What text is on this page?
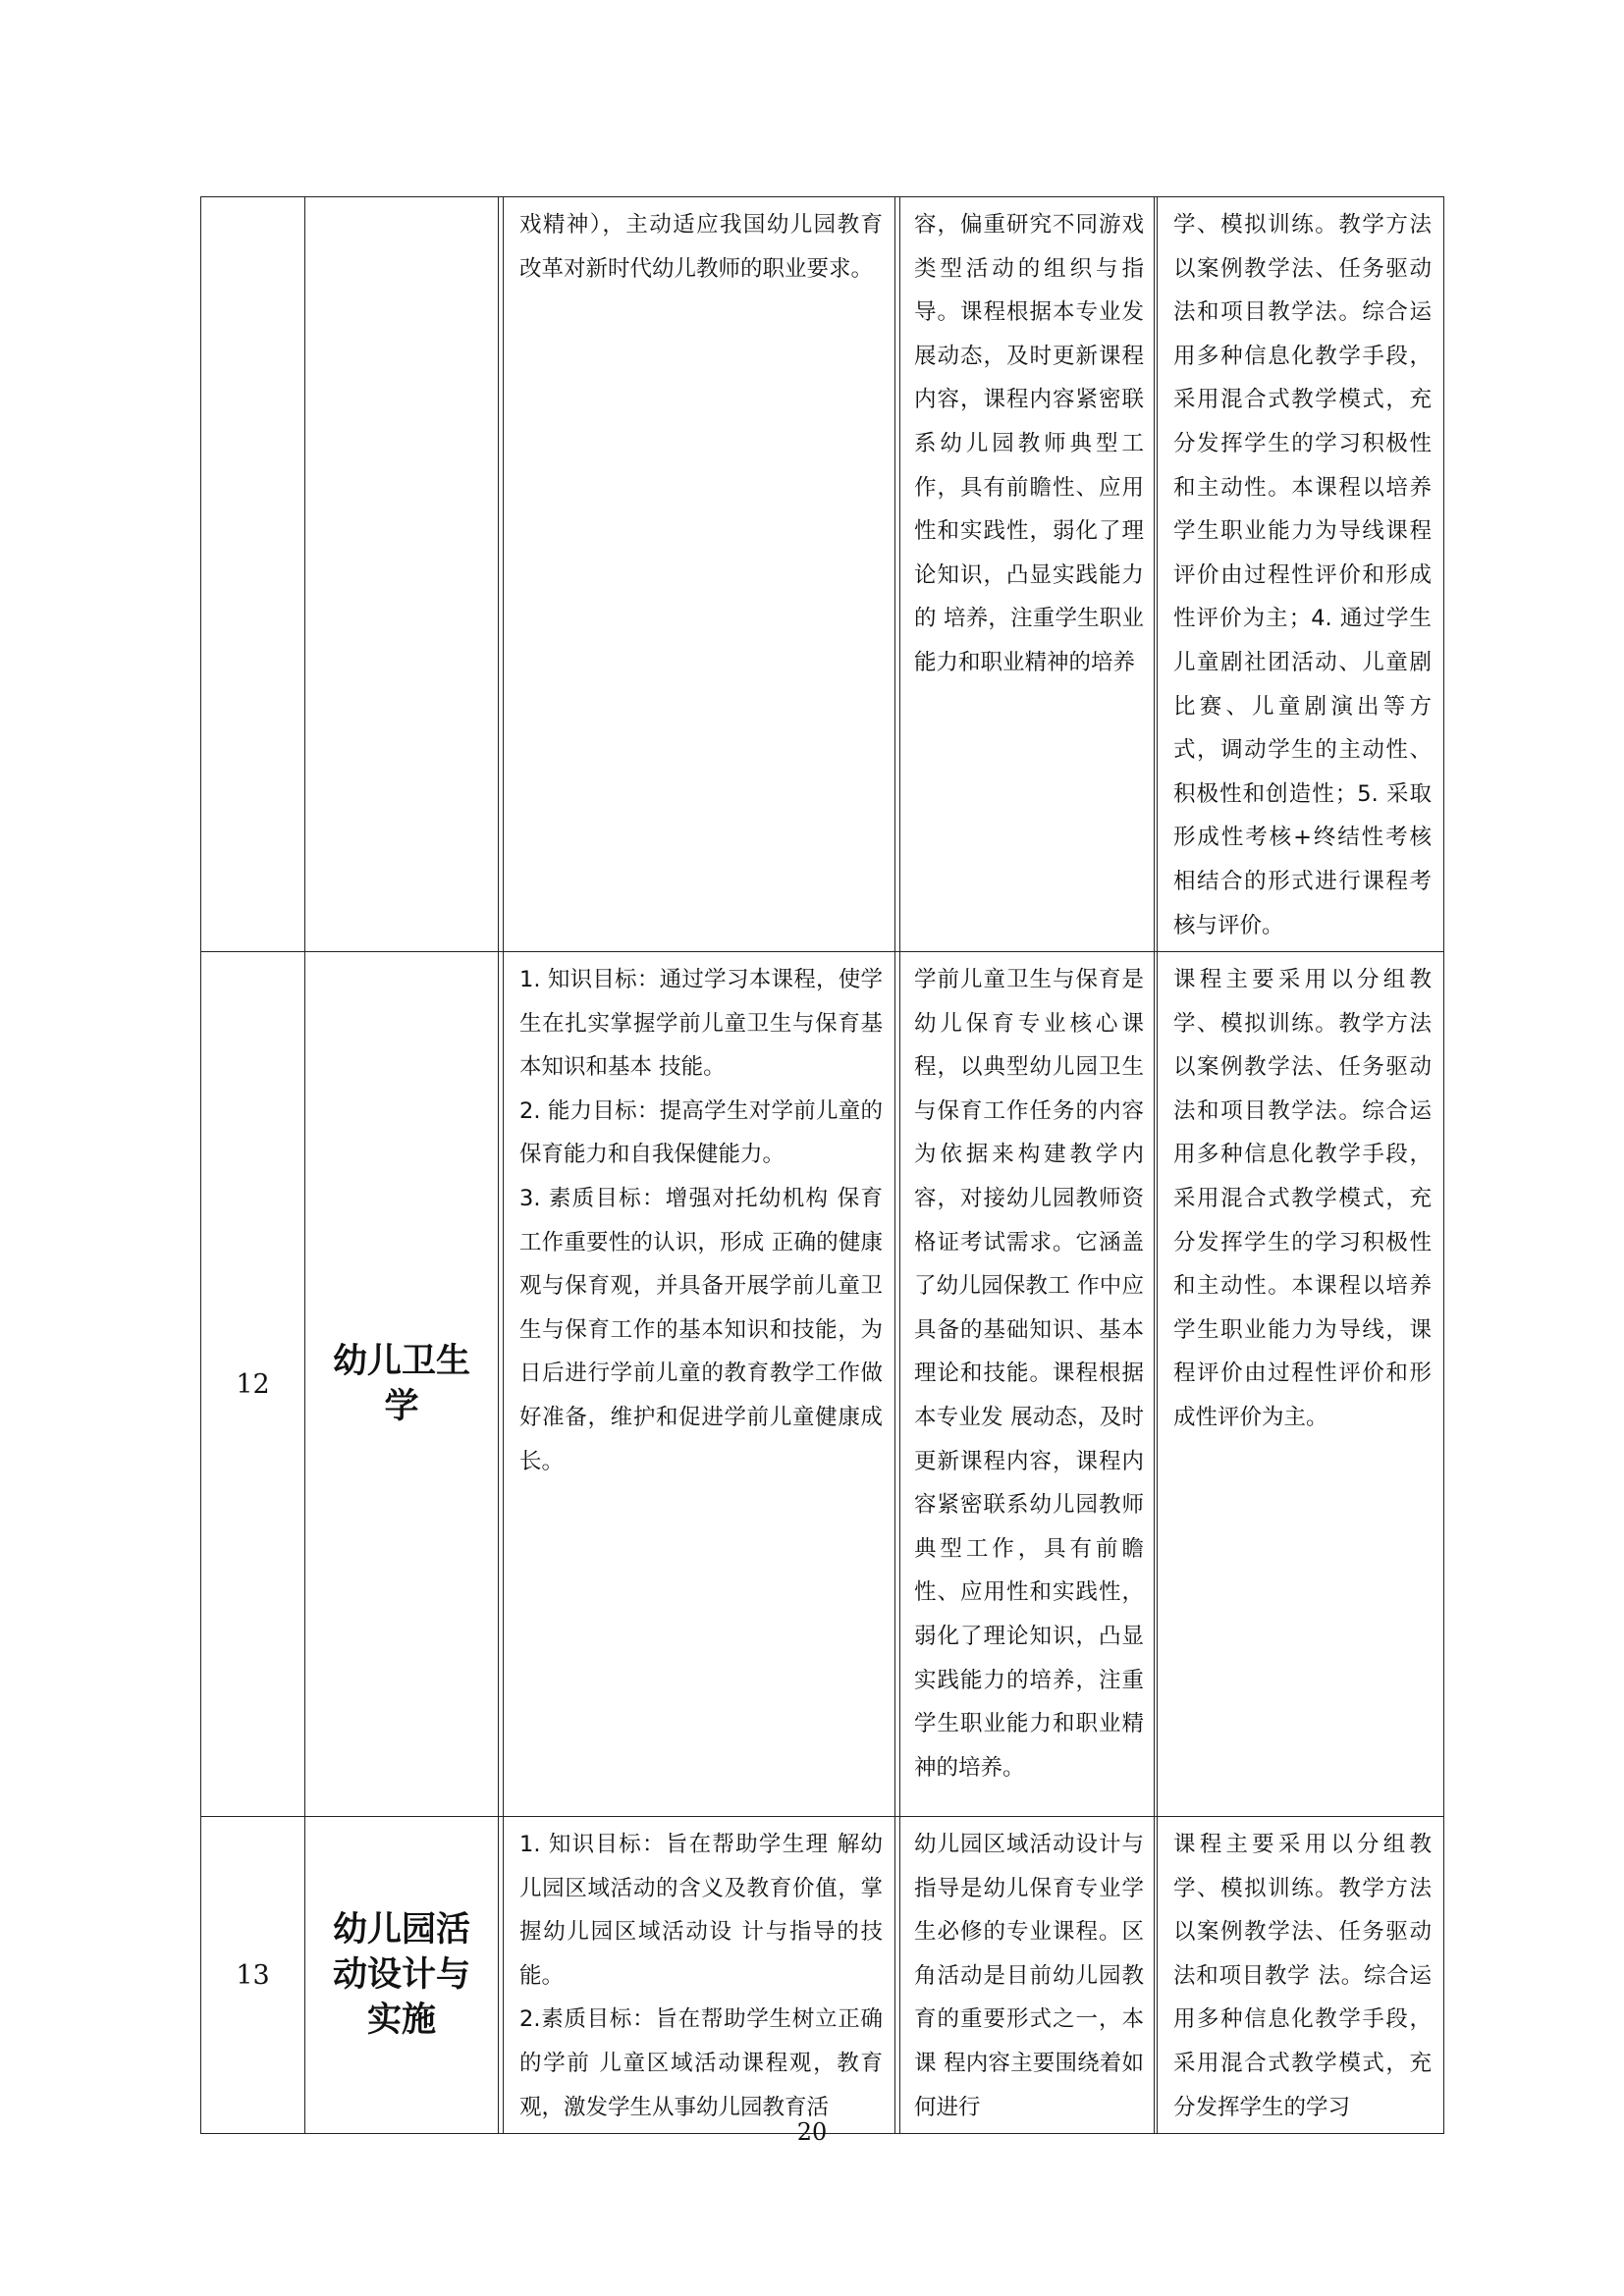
			戏精神），主动适应我国幼儿园教育改革对新时代幼儿教师的职业要求。		容，偏重研究不同游戏类型活动的组织与指导。课程根据本专业发展动态，及时更新课程内容，课程内容紧密联系幼儿园教师典型工 作，具有前瞻性、应用性和实践性，弱化了理论知识，凸显实践能力的 培养，注重学生职业能力和职业精神的培养		学、模拟训练。教学方法以案例教学法、任务驱动法和项目教学法。综合运用多种信息化教学手段，采用混合式教学模式，充分发挥学生的学习积极性和主动性。本课程以培养学生职业能力为导线课程评价由过程性评价和形成性评价为主；4. 通过学生儿童剧社团活动、儿童剧比赛、儿童剧演出等方式，调动学生的主动性、积极性和创造性；5. 采取形成性考核+终结性考核相结合的形式进行课程考核与评价。

12	幼儿卫生学		1. 知识目标：通过学习本课程，使学生在扎实掌握学前儿童卫生与保育基本知识和基本 技能。
2. 能力目标：提高学生对学前儿童的保育能力和自我保健能力。
3. 素质目标：增强对托幼机构 保育工作重要性的认识，形成 正确的健康观与保育观，并具备开展学前儿童卫生与保育工作的基本知识和技能，为日后进行学前儿童的教育教学工作做好准备，维护和促进学前儿童健康成长。		学前儿童卫生与保育是幼儿保育专业核心课程，以典型幼儿园卫生与保育工作任务的内容为依据来构建教学内容，对接幼儿园教师资格证考试需求。它涵盖了幼儿园保教工 作中应具备的基础知识、基本理论和技能。课程根据本专业发 展动态，及时更新课程内容，课程内容紧密联系幼儿园教师典型工作，具有前瞻性、应用性和实践性，弱化了理论知识，凸显实践能力的培养，注重学生职业能力和职业精神的培养。		课程主要采用以分组教学、模拟训练。教学方法以案例教学法、任务驱动法和项目教学法。综合运用多种信息化教学手段，采用混合式教学模式，充分发挥学生的学习积极性和主动性。本课程以培养学生职业能力为导线，课程评价由过程性评价和形成性评价为主。

13	幼儿园活动设计与实施		1. 知识目标：旨在帮助学生理 解幼儿园区域活动的含义及教育价值，掌握幼儿园区域活动设 计与指导的技能。
2.素质目标：旨在帮助学生树立正确的学前 儿童区域活动课程观，教育观，激发学生从事幼儿园教育活		幼儿园区域活动设计与指导是幼儿保育专业学生必修的专业课程。区角活动是目前幼儿园教育的重要形式之一，本课 程内容主要围绕着如何进行		课程主要采用以分组教学、模拟训练。教学方法以案例教学法、任务驱动法和项目教学 法。综合运用多种信息化教学手段，采用混合式教学模式，充分发挥学生的学习
20
